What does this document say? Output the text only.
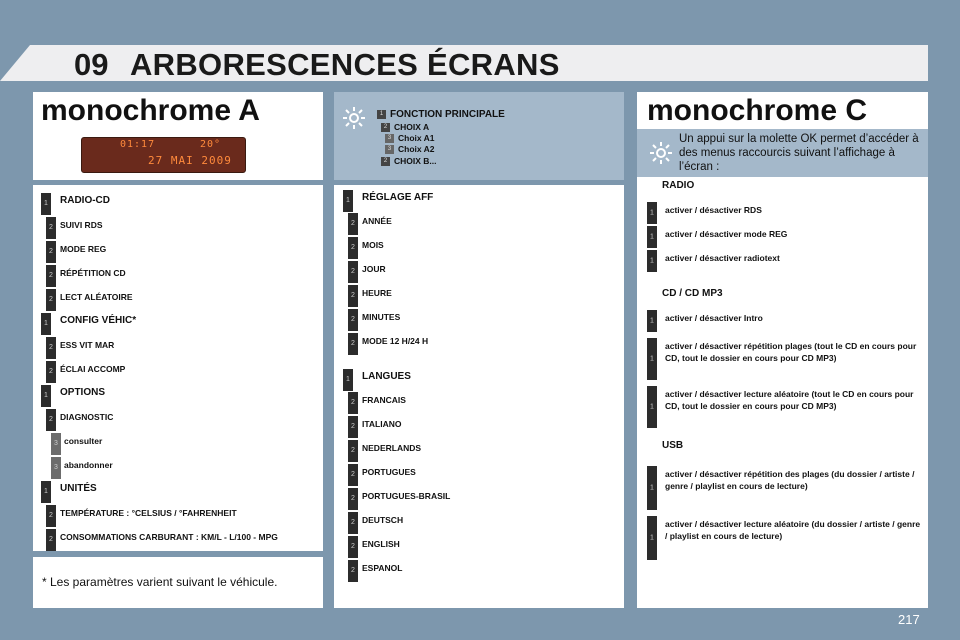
09 ARBORESCENCES ÉCRANS
monochrome A
01:17	20°
27 MAI 2009
1	RADIO-CD
2 SUIVI RDS
2 MODE REG
2 RÉPÉTITION CD
2 LECT ALÉATOIRE
1	CONFIG VÉHIC*
2 ESS VIT MAR
2 ÉCLAI ACCOMP
1	OPTIONS
2 DIAGNOSTIC
3 consulter
3 abandonner
1	UNITÉS
2 TEMPÉRATURE : °CELSIUS / °FAHRENHEIT
2 CONSOMMATIONS CARBURANT : KM/L - L/100 - MPG
* Les paramètres varient suivant le véhicule.
1 FONCTION PRINCIPALE
2 CHOIX A
3 Choix A1
3 Choix A2
2 CHOIX B...
1	RÉGLAGE AFF
2 ANNÉE
2 MOIS
2 JOUR
2 HEURE
2 MINUTES
2 MODE 12 H/24 H
1	LANGUES
2 FRANCAIS
2 ITALIANO
2 NEDERLANDS
2 PORTUGUES
2 PORTUGUES-BRASIL
2 DEUTSCH
2 ENGLISH
2 ESPANOL
monochrome C
Un appui sur la molette OK permet d’accéder à des menus raccourcis suivant l’affichage à l’écran :
RADIO
1	activer / désactiver RDS
1	activer / désactiver mode REG
1	activer / désactiver radiotext
CD / CD MP3
1	activer / désactiver Intro
1
activer / désactiver répétition plages (tout le CD en cours pour CD, tout le dossier en cours pour CD MP3)
1
activer / désactiver lecture aléatoire (tout le CD en cours pour CD, tout le dossier en cours pour CD MP3)
USB
1
activer / désactiver répétition des plages (du dossier / artiste / genre / playlist en cours de lecture)
1
activer / désactiver lecture aléatoire (du dossier / artiste / genre / playlist en cours de lecture)
217
